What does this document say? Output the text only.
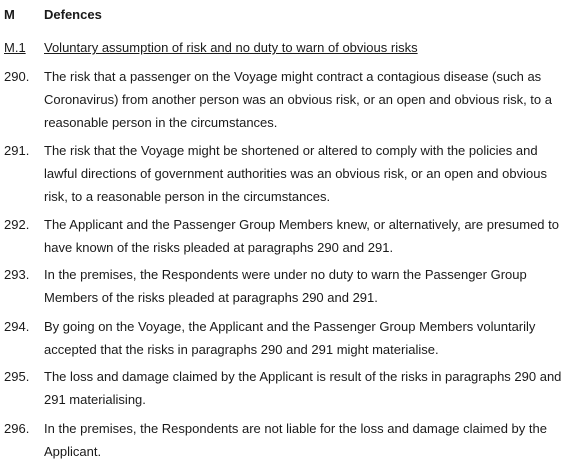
M	Defences
M.1	Voluntary assumption of risk and no duty to warn of obvious risks
290.	The risk that a passenger on the Voyage might contract a contagious disease (such as Coronavirus) from another person was an obvious risk, or an open and obvious risk, to a reasonable person in the circumstances.
291.	The risk that the Voyage might be shortened or altered to comply with the policies and lawful directions of government authorities was an obvious risk, or an open and obvious risk, to a reasonable person in the circumstances.
292.	The Applicant and the Passenger Group Members knew, or alternatively, are presumed to have known of the risks pleaded at paragraphs 290 and 291.
293.	In the premises, the Respondents were under no duty to warn the Passenger Group Members of the risks pleaded at paragraphs 290 and 291.
294.	By going on the Voyage, the Applicant and the Passenger Group Members voluntarily accepted that the risks in paragraphs 290 and 291 might materialise.
295.	The loss and damage claimed by the Applicant is result of the risks in paragraphs 290 and 291 materialising.
296.	In the premises, the Respondents are not liable for the loss and damage claimed by the Applicant.
